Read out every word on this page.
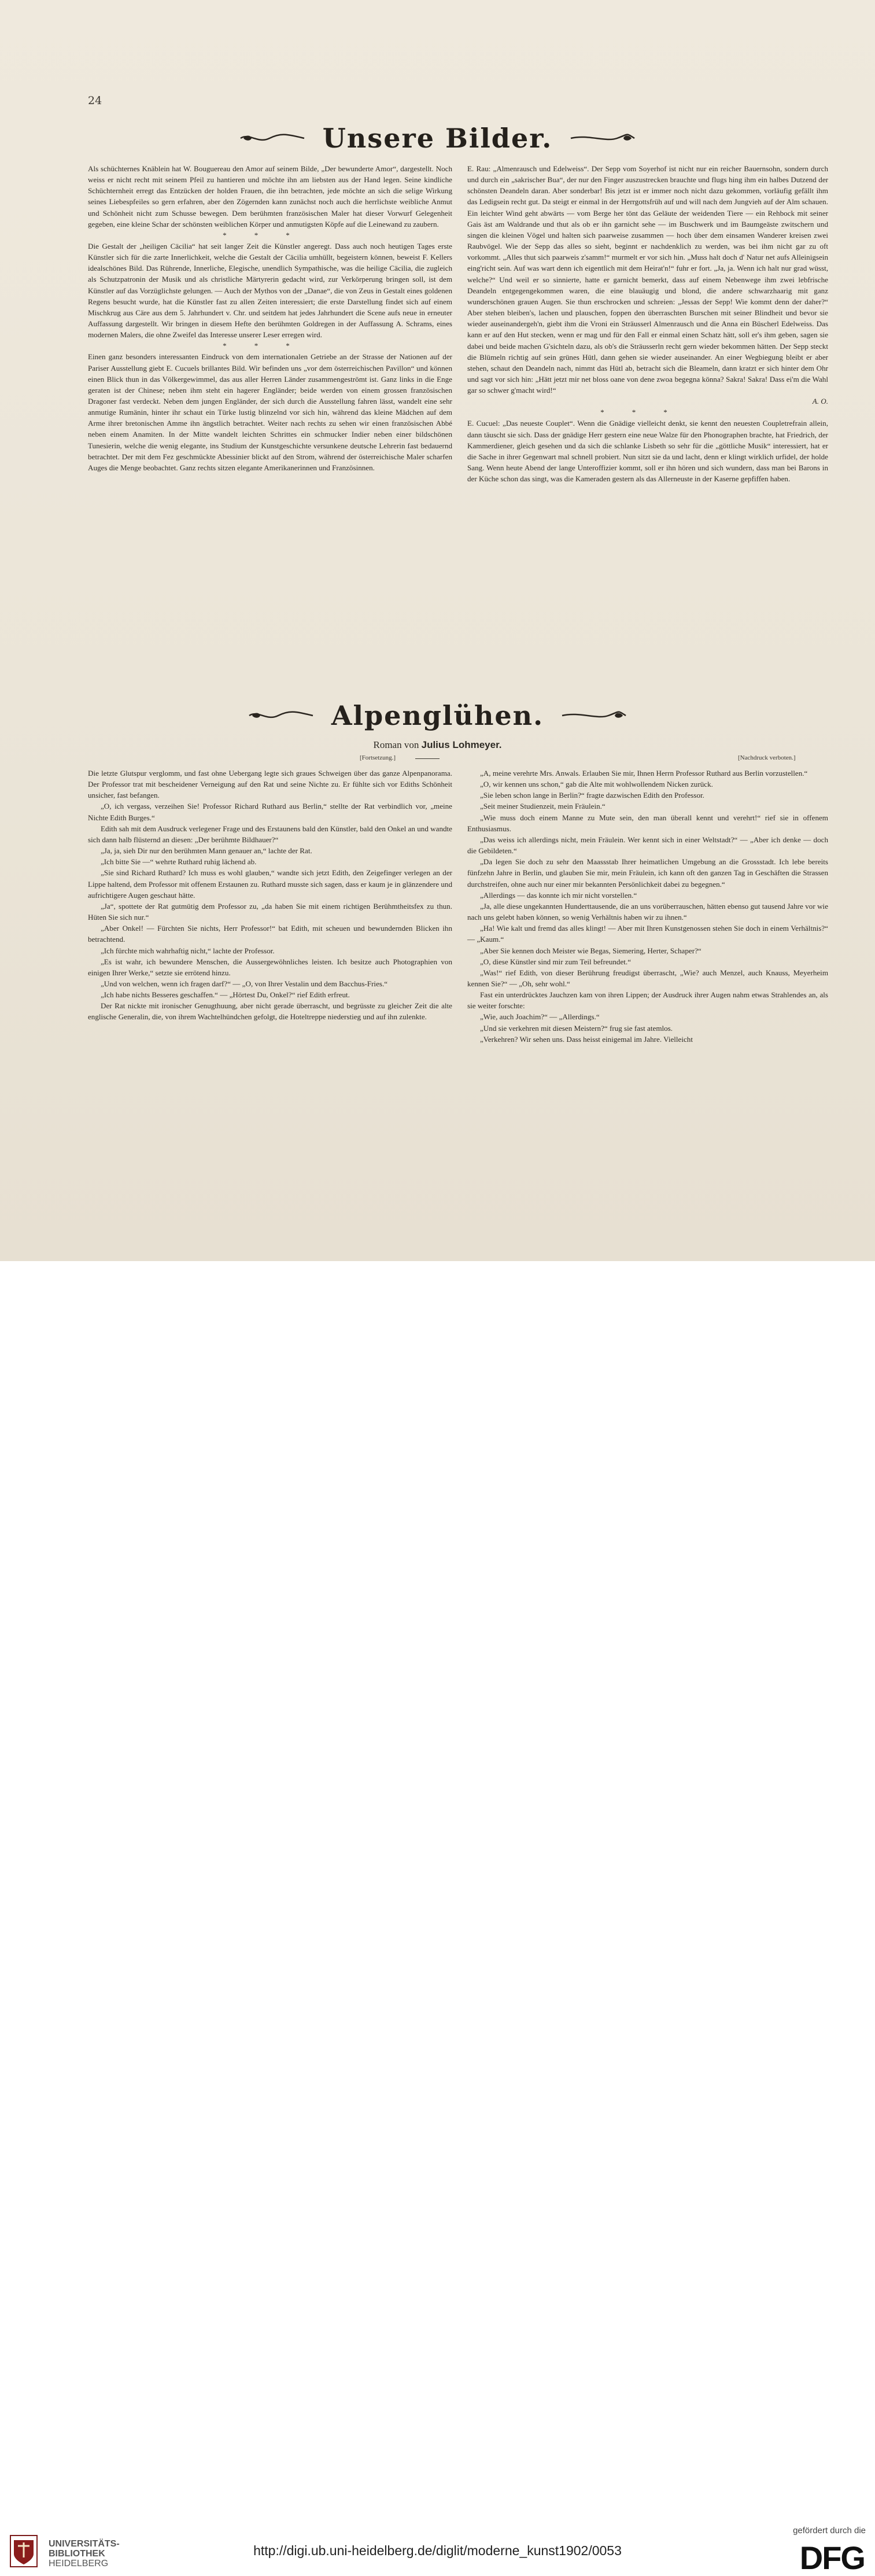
24
Unsere Bilder.

Als schüchternes Knäblein hat W. Bouguereau den Amor auf seinem Bilde, „Der bewunderte Amor“, dargestellt. Noch weiss er nicht recht mit seinem Pfeil zu hantieren und möchte ihn am liebsten aus der Hand legen. Seine kindliche Schüchternheit erregt das Entzücken der holden Frauen, die ihn betrachten, jede möchte an sich die selige Wirkung seines Liebespfeiles so gern erfahren, aber den Zögernden kann zunächst noch auch die herrlichste weibliche Anmut und Schönheit nicht zum Schusse bewegen. Dem berühmten französischen Maler hat dieser Vorwurf Gelegenheit gegeben, eine kleine Schar der schönsten weiblichen Körper und anmutigsten Köpfe auf die Leinewand zu zaubern.

***

Die Gestalt der „heiligen Cäcilia“ hat seit langer Zeit die Künstler angeregt. Dass auch noch heutigen Tages erste Künstler sich für die zarte Innerlichkeit, welche die Gestalt der Cäcilia umhüllt, begeistern können, beweist F. Kellers idealschönes Bild. Das Rührende, Innerliche, Elegische, unendlich Sympathische, was die heilige Cäcilia, die zugleich als Schutzpatronin der Musik und als christliche Märtyrerin gedacht wird, zur Verkörperung bringen soll, ist dem Künstler auf das Vorzüglichste gelungen. — Auch der Mythos von der „Danae“, die von Zeus in Gestalt eines goldenen Regens besucht wurde, hat die Künstler fast zu allen Zeiten interessiert; die erste Darstellung findet sich auf einem Mischkrug aus Cäre aus dem 5. Jahrhundert v. Chr. und seitdem hat jedes Jahrhundert die Scene aufs neue in erneuter Auffassung dargestellt. Wir bringen in diesem Hefte den berühmten Goldregen in der Auffassung A. Schrams, eines modernen Malers, die ohne Zweifel das Interesse unserer Leser erregen wird.

***

Einen ganz besonders interessanten Eindruck von dem internationalen Getriebe an der Strasse der Nationen auf der Pariser Ausstellung giebt E. Cucuels brillantes Bild. Wir befinden uns „vor dem österreichischen Pavillon“ und können einen Blick thun in das Völkergewimmel, das aus aller Herren Länder zusammengeströmt ist. Ganz links in die Enge geraten ist der Chinese; neben ihm steht ein hagerer Engländer; beide werden von einem grossen französischen Dragoner fast verdeckt. Neben dem jungen Engländer, der sich durch die Ausstellung fahren lässt, wandelt eine sehr anmutige Rumänin, hinter ihr schaut ein Türke lustig blinzelnd vor sich hin, während das kleine Mädchen auf dem Arme ihrer bretonischen Amme ihn ängstlich betrachtet. Weiter nach rechts zu sehen wir einen französischen Abbé neben einem Anamiten. In der Mitte wandelt leichten Schrittes ein schmucker Indier neben einer bildschönen Tunesierin, welche die wenig elegante, ins Studium der Kunstgeschichte versunkene deutsche Lehrerin fast bedauernd betrachtet. Der mit dem Fez geschmückte Abessinier blickt auf den Strom, während der österreichische Maler scharfen Auges die Menge beobachtet. Ganz rechts sitzen elegante Amerikanerinnen und Französinnen.

E. Rau: „Almenrausch und Edelweiss“. Der Sepp vom Soyerhof ist nicht nur ein reicher Bauernsohn, sondern durch und durch ein „sakrischer Bua“, der nur den Finger auszustrecken brauchte und flugs hing ihm ein halbes Dutzend der schönsten Deandeln daran. Aber sonderbar! Bis jetzt ist er immer noch nicht dazu gekommen, vorläufig gefällt ihm das Ledigsein recht gut. Da steigt er einmal in der Herrgottsfrüh auf und will nach dem Jungvieh auf der Alm schauen. Ein leichter Wind geht abwärts — vom Berge her tönt das Geläute der weidenden Tiere — ein Rehbock mit seiner Gais äst am Waldrande und thut als ob er ihn garnicht sehe — im Buschwerk und im Baumgeäste zwitschern und singen die kleinen Vögel und halten sich paarweise zusammen — hoch über dem einsamen Wanderer kreisen zwei Raubvögel. Wie der Sepp das alles so sieht, beginnt er nachdenklich zu werden, was bei ihm nicht gar zu oft vorkommt. „Alles thut sich paarweis z'samm!“ murmelt er vor sich hin. „Muss halt doch d' Natur net aufs Alleinigsein eing'richt sein. Auf was wart denn ich eigentlich mit dem Heirat'n!“ fuhr er fort. „Ja, ja. Wenn ich halt nur grad wüsst, welche?“ Und weil er so sinnierte, hatte er garnicht bemerkt, dass auf einem Nebenwege ihm zwei lebfrische Deandeln entgegengekommen waren, die eine blauäugig und blond, die andere schwarzhaarig mit ganz wunderschönen grauen Augen. Sie thun erschrocken und schreien: „Jessas der Sepp! Wie kommt denn der daher?“ Aber stehen bleiben's, lachen und plauschen, foppen den überraschten Burschen mit seiner Blindheit und bevor sie wieder auseinandergeh'n, giebt ihm die Vroni ein Sträusserl Almenrausch und die Anna ein Büscherl Edelweiss. Das kann er auf den Hut stecken, wenn er mag und für den Fall er einmal einen Schatz hätt, soll er's ihm geben, sagen sie dabei und beide machen G'sichteln dazu, als ob's die Sträusserln recht gern wieder bekommen hätten. Der Sepp steckt die Blümeln richtig auf sein grünes Hütl, dann gehen sie wieder auseinander. An einer Wegbiegung bleibt er aber stehen, schaut den Deandeln nach, nimmt das Hütl ab, betracht sich die Bleameln, dann kratzt er sich hinter dem Ohr und sagt vor sich hin: „Hätt jetzt mir net bloss oane von dene zwoa begegna könna? Sakra! Sakra! Dass ei'm die Wahl gar so schwer g'macht wird!“

A. O.

***

E. Cucuel: „Das neueste Couplet“. Wenn die Gnädige vielleicht denkt, sie kennt den neuesten Coupletrefrain allein, dann täuscht sie sich. Dass der gnädige Herr gestern eine neue Walze für den Phonographen brachte, hat Friedrich, der Kammerdiener, gleich gesehen und da sich die schlanke Lisbeth so sehr für die „göttliche Musik“ interessiert, hat er die Sache in ihrer Gegenwart mal schnell probiert. Nun sitzt sie da und lacht, denn er klingt wirklich urfidel, der holde Sang. Wenn heute Abend der lange Unteroffizier kommt, soll er ihn hören und sich wundern, dass man bei Barons in der Küche schon das singt, was die Kameraden gestern als das Allerneuste in der Kaserne gepfiffen haben.

Alpenglühen.
Roman von Julius Lohmeyer.
[Fortsetzung.]	[Nachdruck verboten.]

Die letzte Glutspur verglomm, und fast ohne Uebergang legte sich graues Schweigen über das ganze Alpenpanorama. Der Professor trat mit bescheidener Verneigung auf den Rat und seine Nichte zu. Er fühlte sich vor Ediths Schönheit unsicher, fast befangen.

„O, ich vergass, verzeihen Sie! Professor Richard Ruthard aus Berlin,“ stellte der Rat verbindlich vor, „meine Nichte Edith Burges.“

Edith sah mit dem Ausdruck verlegener Frage und des Erstaunens bald den Künstler, bald den Onkel an und wandte sich dann halb flüsternd an diesen: „Der berühmte Bildhauer?“

„Ja, ja, sieh Dir nur den berühmten Mann genauer an,“ lachte der Rat.

„Ich bitte Sie —“ wehrte Ruthard ruhig lächend ab.

„Sie sind Richard Ruthard? Ich muss es wohl glauben,“ wandte sich jetzt Edith, den Zeigefinger verlegen an der Lippe haltend, dem Professor mit offenem Erstaunen zu. Ruthard musste sich sagen, dass er kaum je in glänzendere und aufrichtigere Augen geschaut hätte.

„Ja“, spottete der Rat gutmütig dem Professor zu, „da haben Sie mit einem richtigen Berühmtheitsfex zu thun. Hüten Sie sich nur.“

„Aber Onkel! — Fürchten Sie nichts, Herr Professor!“ bat Edith, mit scheuen und bewundernden Blicken ihn betrachtend.

„Ich fürchte mich wahrhaftig nicht,“ lachte der Professor.

„Es ist wahr, ich bewundere Menschen, die Aussergewöhnliches leisten. Ich besitze auch Photographien von einigen Ihrer Werke,“ setzte sie errötend hinzu.

„Und von welchen, wenn ich fragen darf?“ — „O, von Ihrer Vestalin und dem Bacchus-Fries.“

„Ich habe nichts Besseres geschaffen.“ — „Hörtest Du, Onkel?“ rief Edith erfreut.

Der Rat nickte mit ironischer Genugthuung, aber nicht gerade überrascht, und begrüsste zu gleicher Zeit die alte englische Generalin, die, von ihrem Wachtelhündchen gefolgt, die Hoteltreppe niederstieg und auf ihn zulenkte.

„A, meine verehrte Mrs. Anwals. Erlauben Sie mir, Ihnen Herrn Professor Ruthard aus Berlin vorzustellen.“

„O, wir kennen uns schon,“ gab die Alte mit wohlwollendem Nicken zurück.

„Sie leben schon lange in Berlin?“ fragte dazwischen Edith den Professor.

„Seit meiner Studienzeit, mein Fräulein.“

„Wie muss doch einem Manne zu Mute sein, den man überall kennt und verehrt!“ rief sie in offenem Enthusiasmus.

„Das weiss ich allerdings nicht, mein Fräulein. Wer kennt sich in einer Weltstadt?“ — „Aber ich denke — doch die Gebildeten.“

„Da legen Sie doch zu sehr den Maassstab Ihrer heimatlichen Umgebung an die Grossstadt. Ich lebe bereits fünfzehn Jahre in Berlin, und glauben Sie mir, mein Fräulein, ich kann oft den ganzen Tag in Geschäften die Strassen durchstreifen, ohne auch nur einer mir bekannten Persönlichkeit dabei zu begegnen.“

„Allerdings — das konnte ich mir nicht vorstellen.“

„Ja, alle diese ungekannten Hunderttausende, die an uns vorüberrauschen, hätten ebenso gut tausend Jahre vor wie nach uns gelebt haben können, so wenig Verhältnis haben wir zu ihnen.“

„Ha! Wie kalt und fremd das alles klingt! — Aber mit Ihren Kunstgenossen stehen Sie doch in einem Verhältnis?“ — „Kaum.“

„Aber Sie kennen doch Meister wie Begas, Siemering, Herter, Schaper?“

„O, diese Künstler sind mir zum Teil befreundet.“

„Was!“ rief Edith, von dieser Berührung freudigst überrascht, „Wie? auch Menzel, auch Knauss, Meyerheim kennen Sie?“ — „Oh, sehr wohl.“

Fast ein unterdrücktes Jauchzen kam von ihren Lippen; der Ausdruck ihrer Augen nahm etwas Strahlendes an, als sie weiter forschte:

„Wie, auch Joachim?“ — „Allerdings.“

„Und sie verkehren mit diesen Meistern?“ frug sie fast atemlos.

„Verkehren? Wir sehen uns. Dass heisst einigemal im Jahre. Vielleicht

UNIVERSITÄTS-
BIBLIOTHEK
HEIDELBERG
http://digi.ub.uni-heidelberg.de/diglit/moderne_kunst1902/0053
gefördert durch die
DFG
